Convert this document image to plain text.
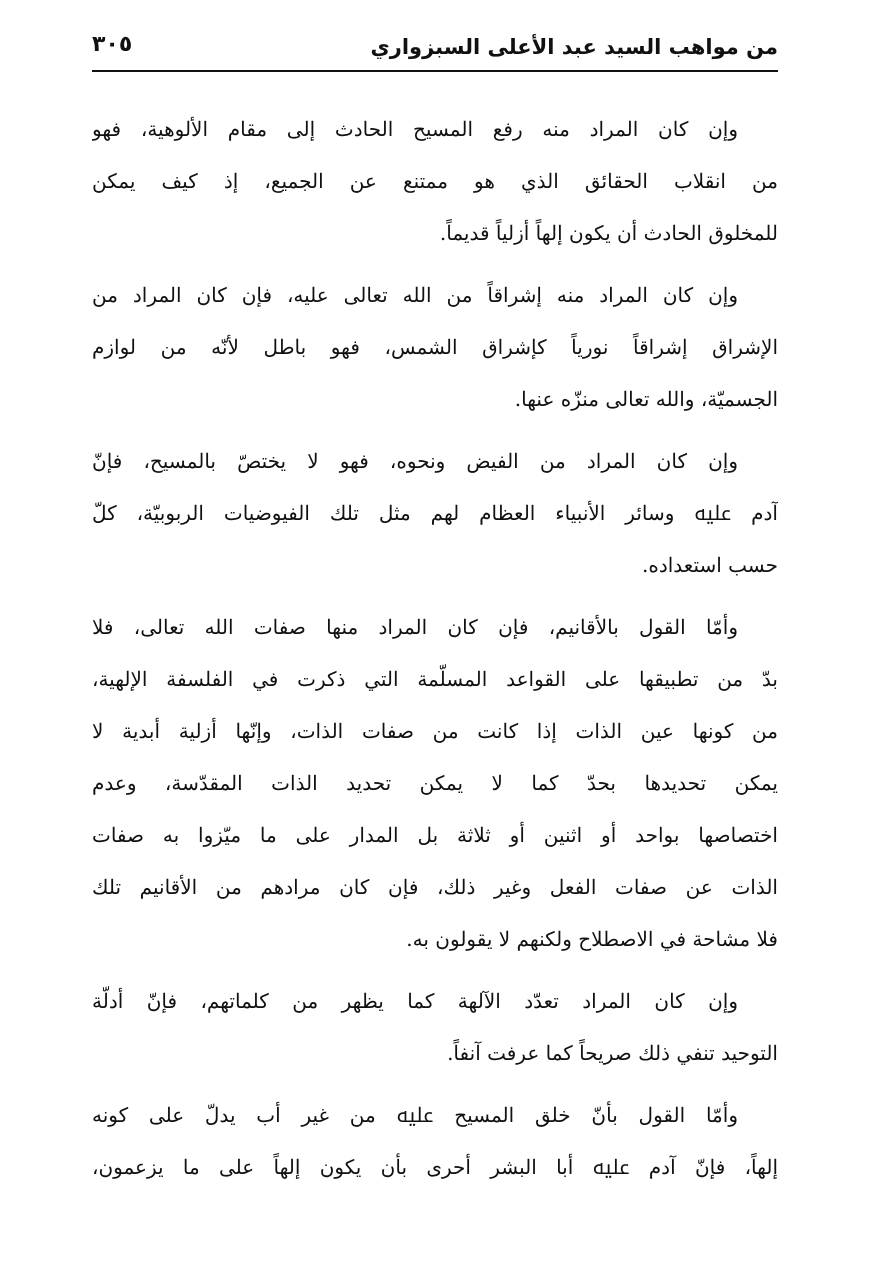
من مواهب السيد عبد الأعلى السبزواري
٣٠٥
وإن كان المراد منه رفع المسيح الحادث إلى مقام الألوهية، فهو
من انقلاب الحقائق الذي هو ممتنع عن الجميع، إذ كيف يمكن
للمخلوق الحادث أن يكون إلهاً أزلياً قديماً.
وإن كان المراد منه إشراقاً من الله تعالى عليه، فإن كان المراد من
الإشراق إشراقاً نورياً كإشراق الشمس، فهو باطل لأنّه من لوازم
الجسميّة، والله تعالى منزّه عنها.
وإن كان المراد من الفيض ونحوه، فهو لا يختصّ بالمسيح، فإنّ
آدم ﷷ وسائر الأنبياء العظام لهم مثل تلك الفيوضيات الربوبيّة، كلّ
حسب استعداده.
وأمّا القول بالأقانيم، فإن كان المراد منها صفات الله تعالى، فلا
بدّ من تطبيقها على القواعد المسلّمة التي ذكرت في الفلسفة الإلهية،
من كونها عين الذات إذا كانت من صفات الذات، وإنّها أزلية أبدية لا
يمكن تحديدها بحدّ كما لا يمكن تحديد الذات المقدّسة، وعدم
اختصاصها بواحد أو اثنين أو ثلاثة بل المدار على ما ميّزوا به صفات
الذات عن صفات الفعل وغير ذلك، فإن كان مرادهم من الأقانيم تلك
فلا مشاحة في الاصطلاح ولكنهم لا يقولون به.
وإن كان المراد تعدّد الآلهة كما يظهر من كلماتهم، فإنّ أدلّة
التوحيد تنفي ذلك صريحاً كما عرفت آنفاً.
وأمّا القول بأنّ خلق المسيح ﷷ من غير أب يدلّ على كونه
إلهاً، فإنّ آدم ﷷ أبا البشر أحرى بأن يكون إلهاً على ما يزعمون،
